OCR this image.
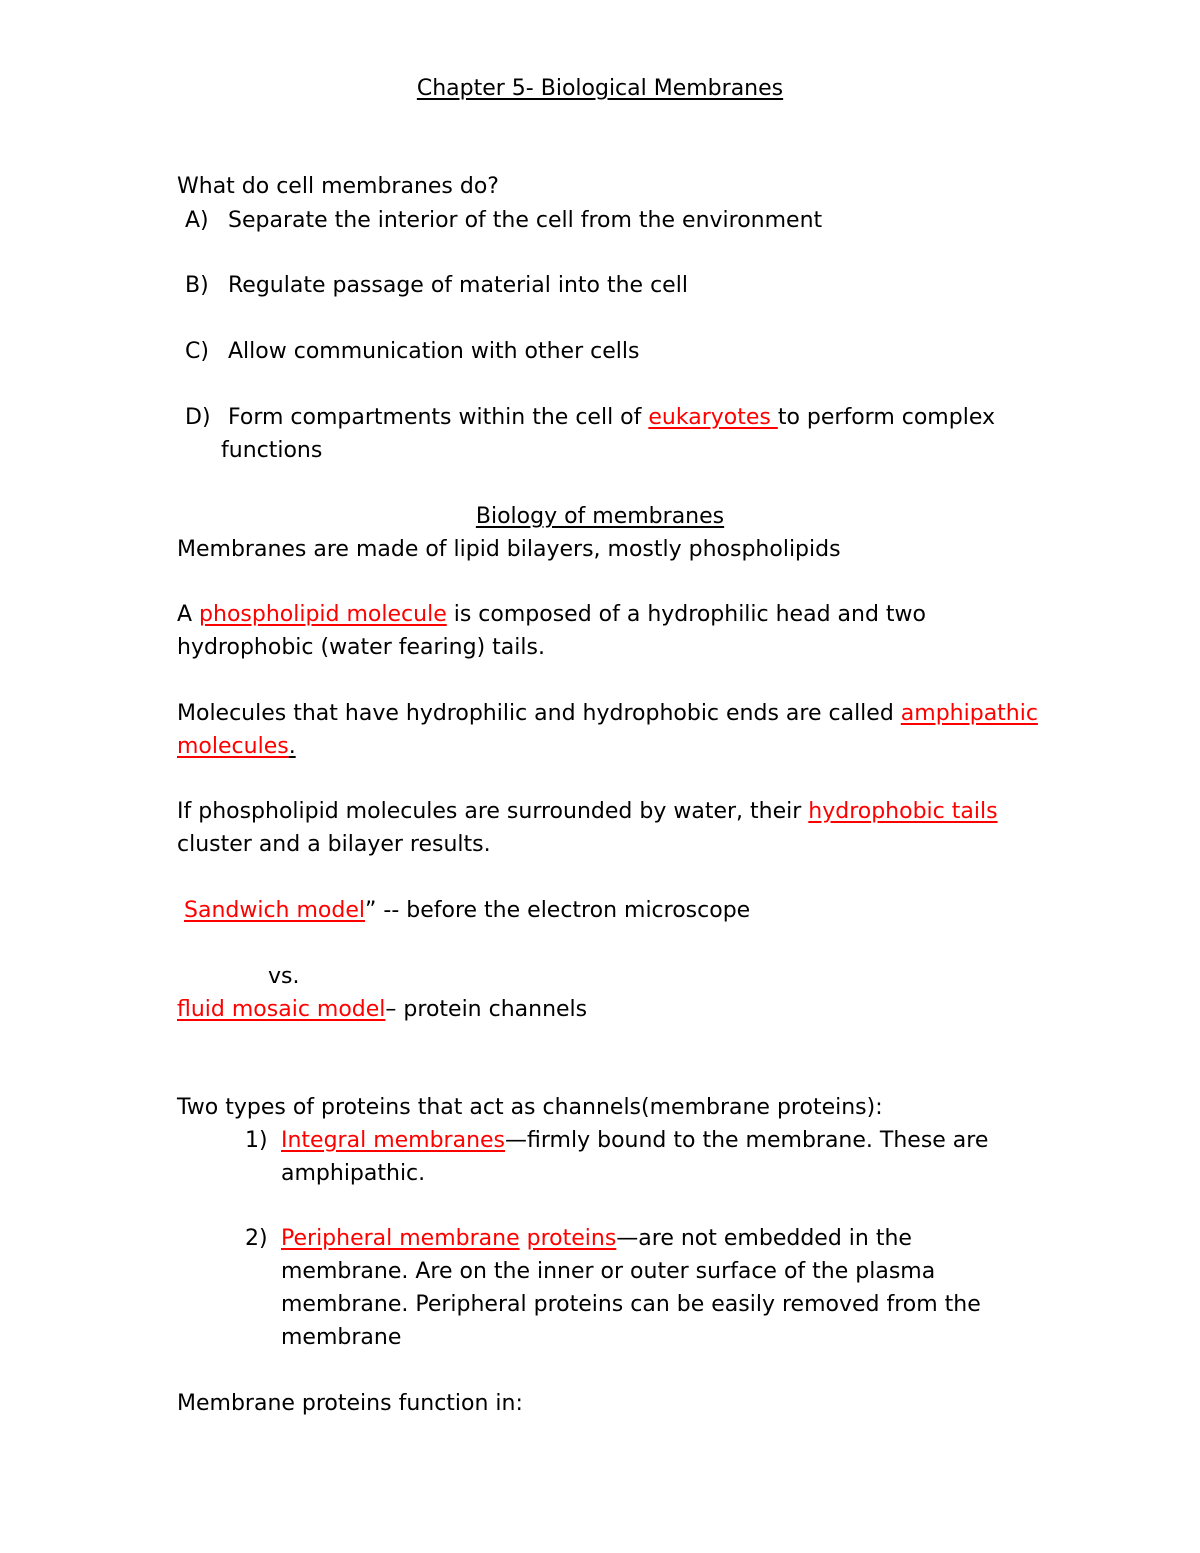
Chapter 5- Biological Membranes
What do cell membranes do?
A) Separate the interior of the cell from the environment
B) Regulate passage of material into the cell
C) Allow communication with other cells
D) Form compartments within the cell of eukaryotes to perform complex
functions
Biology of membranes
Membranes are made of lipid bilayers, mostly phospholipids
A phospholipid molecule is composed of a hydrophilic head and two
hydrophobic (water fearing) tails.
Molecules that have hydrophilic and hydrophobic ends are called amphipathic
molecules.
If phospholipid molecules are surrounded by water, their hydrophobic tails
cluster and a bilayer results.
Sandwich model” -- before the electron microscope
vs.
fluid mosaic model– protein channels
Two types of proteins that act as channels(membrane proteins):
1) Integral membranes—firmly bound to the membrane. These are
amphipathic.
2) Peripheral membrane proteins—are not embedded in the
membrane. Are on the inner or outer surface of the plasma
membrane. Peripheral proteins can be easily removed from the
membrane
Membrane proteins function in:
